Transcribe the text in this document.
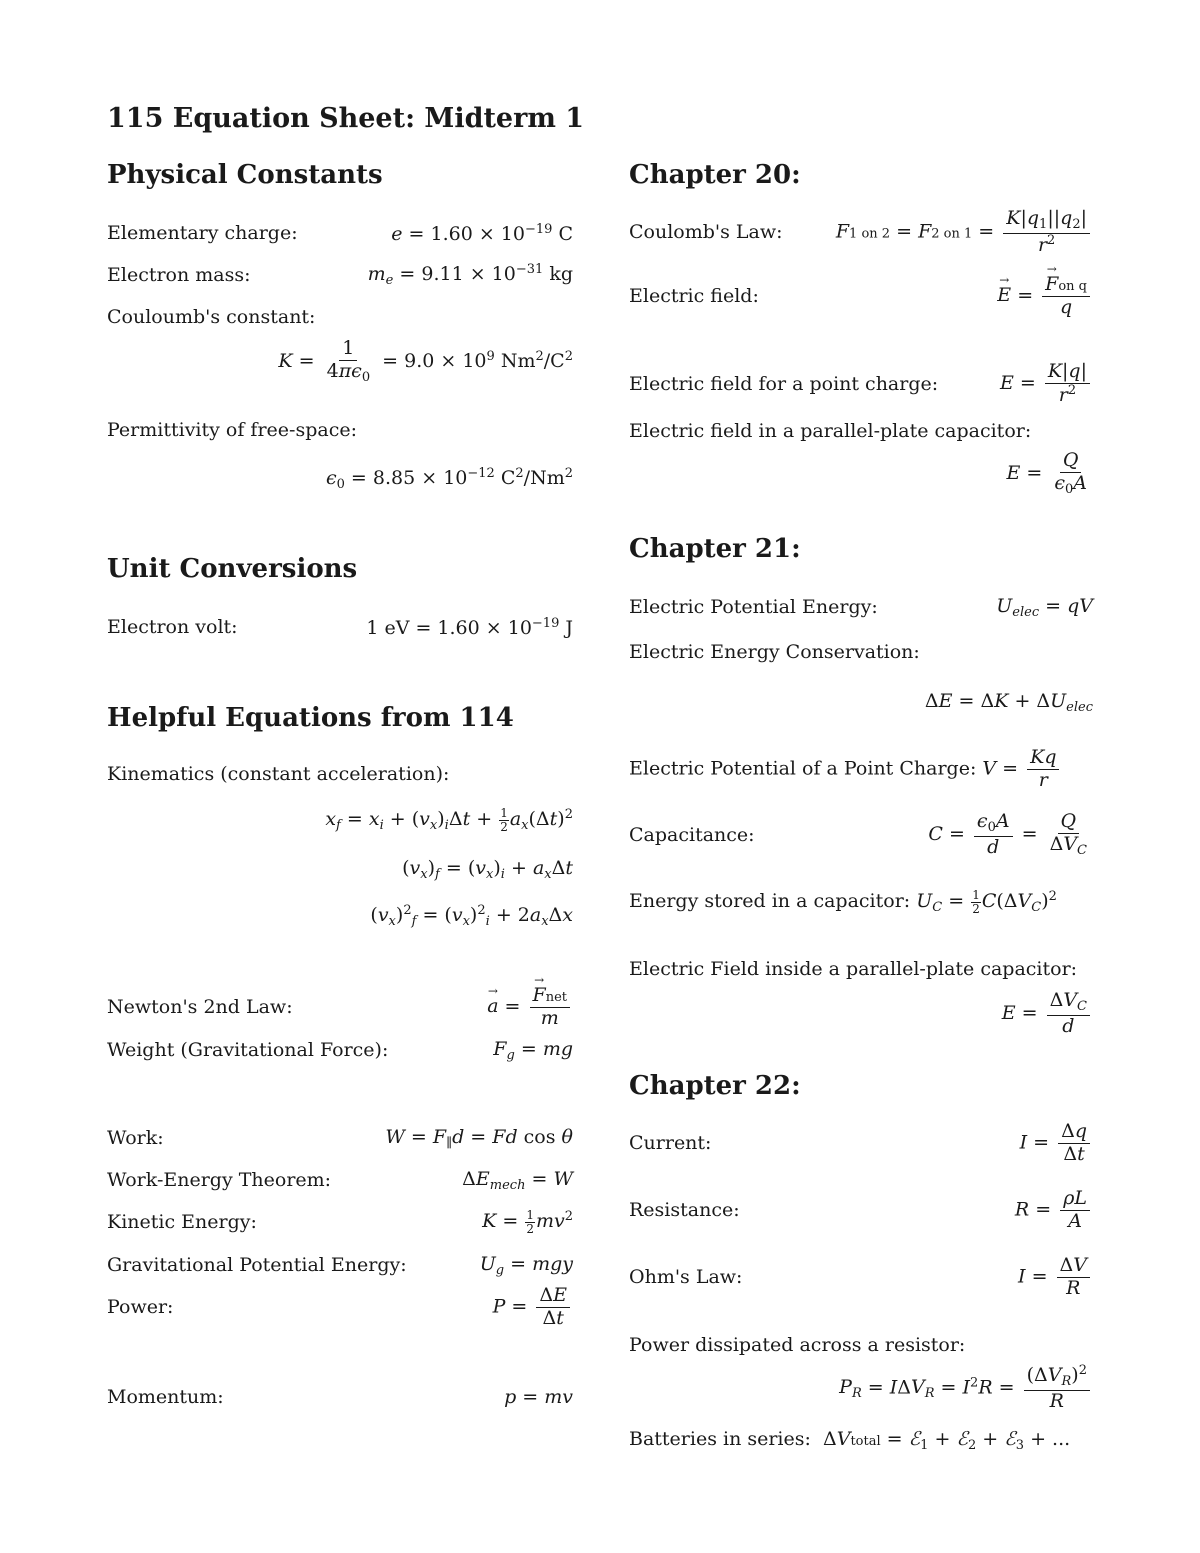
115 Equation Sheet: Midterm 1
Physical Constants
Elementary charge:	$e = 1.60 \times 10^{-19}$ C
Electron mass:	$m_e = 9.11 \times 10^{-31}$ kg
Couloumb's constant:
$K = \frac{1}{4\pi\epsilon_0} = 9.0 \times 10^9$ $Nm^2/C^2$
Permittivity of free-space:
$\epsilon_0 = 8.85 \times 10^{-12}$ $C^2/Nm^2$
Unit Conversions
Electron volt:	1 eV = $1.60 \times 10^{-19}$ J
Helpful Equations from 114
Kinematics (constant acceleration):
$x_f = x_i + (v_x)_i\Delta t + \frac{1}{2} a_x(\Delta t)^2$
$(v_x)_f = (v_x)_i + a_x\Delta t$
$(v_x)^2_f = (v_x)^2_i + 2a_x\Delta x$
Newton's 2nd Law:	→ a = → $\frac{\text{Fnet}}{m}$
Weight (Gravitational Force):	$F_g$ = mg
Work:	$W = F_\parallel d = Fd$ cos θ
Work-Energy Theorem:	$\Delta E_{mech} = W$
Kinetic Energy:	$K = \frac{1}{2} mv^2$
Gravitational Potential Energy:	$U_g$ = mgy
Power:	$P = \frac{\Delta E}{\Delta t}$
Momentum:	p = mv
Chapter 20:
Coulomb's Law:	F1 on 2 = F2 on $1 = \frac{K|q_1||q_2|}{r^2}$
Electric field:	→ E = → $\frac{\text{Fon q}}{q}$
Electric field for a point charge:	$E = \frac{K|q|}{r^2}$
Electric field in a parallel-plate capacitor:
$E = \frac{Q}{\epsilon_0A}$
Chapter 21:
Electric Potential Energy:	$U_{elec}$ = qV
Electric Energy Conservation:
$\Delta E = \Delta K + \Delta U_{elec}$
Electric Potential of a Point Charge: $V = \frac{Kq}{r}$
Capacitance:	$C = \frac{\epsilon_0A}{d} = \frac{Q}{\Delta V_C}$
Energy stored in a capacitor: $U_C = \frac{1}{2} C(\Delta V_C)^2$
Electric Field inside a parallel-plate capacitor:
$E = \frac{\Delta V_C}{d}$
Chapter 22:
Current:	$I = \frac{\Delta q}{\Delta t}$
Resistance:	$R = \frac{\rho L}{A}$
Ohm's Law:	$I = \frac{\Delta V}{R}$
Power dissipated across a resistor:
$P_R = I\Delta V_R = I^2R = \frac{(\Delta V_R)^2}{R}$
Batteries in series:  ΔVtotal = ℰ$_1$ + ℰ$_2$ + ℰ$_3$ + ...
